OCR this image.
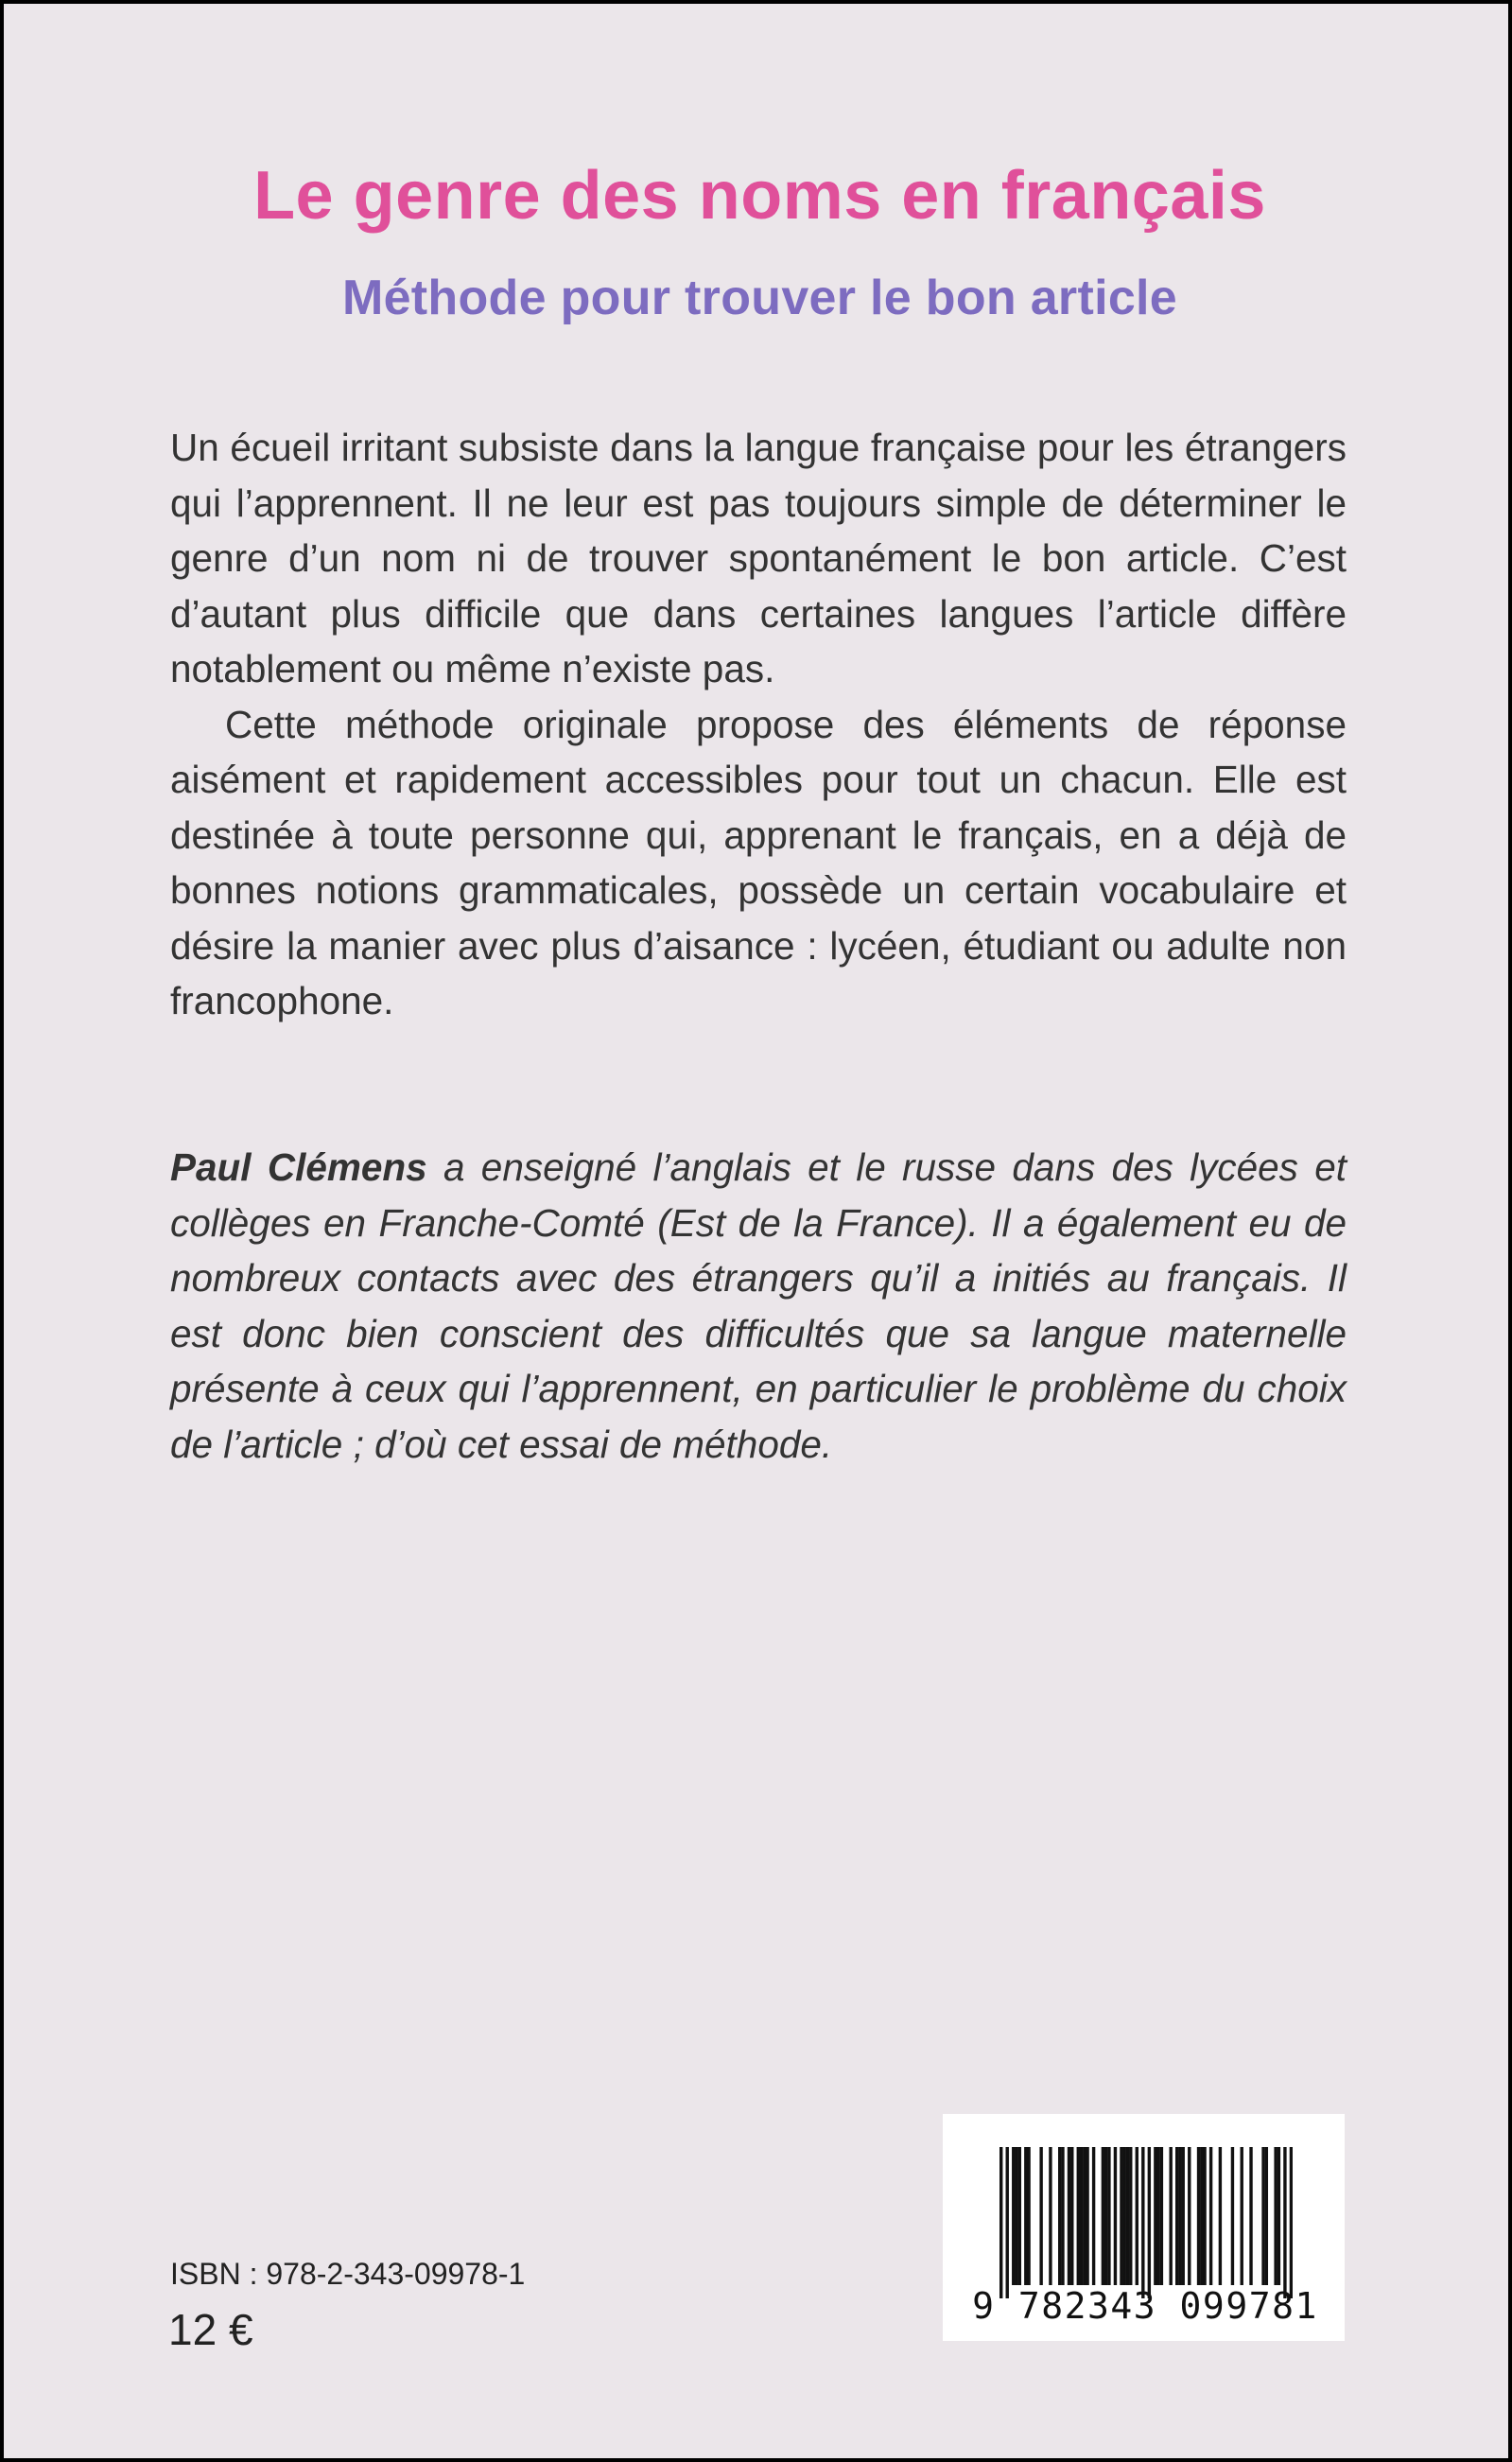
Le genre des noms en français
Méthode pour trouver le bon article

Un écueil irritant subsiste dans la langue française pour les étrangers qui l’apprennent. Il ne leur est pas toujours simple de déterminer le genre d’un nom ni de trouver spontanément le bon article. C’est d’autant plus difficile que dans certaines langues l’article diffère notablement ou même n’existe pas.

Cette méthode originale propose des éléments de réponse aisément et rapidement accessibles pour tout un chacun. Elle est destinée à toute personne qui, apprenant le français, en a déjà de bonnes notions grammaticales, possède un certain vocabulaire et désire la manier avec plus d’aisance : lycéen, étudiant ou adulte non francophone.

Paul Clémens a enseigné l’anglais et le russe dans des lycées et collèges en Franche-Comté (Est de la France). Il a également eu de nombreux contacts avec des étrangers qu’il a initiés au français. Il est donc bien conscient des difficultés que sa langue maternelle présente à ceux qui l’apprennent, en particulier le problème du choix de l’article ; d’où cet essai de méthode.

ISBN : 978-2-343-09978-1
12 €	9 782343 099781
